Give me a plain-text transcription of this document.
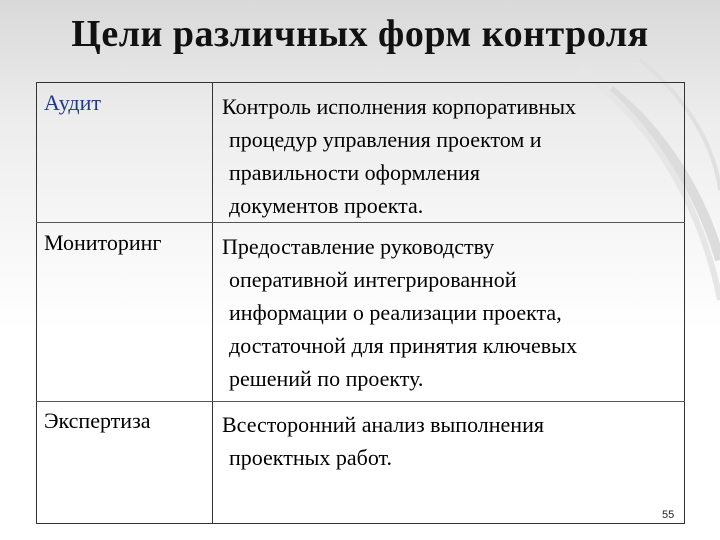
Цели различных форм контроля
Аудит	Контроль исполнения корпоративных
процедур управления проектом и
правильности оформления
документов проекта.
Мониторинг	Предоставление руководству
оперативной интегрированной
информации о реализации проекта,
достаточной для принятия ключевых
решений по проекту.
Экспертиза	Всесторонний анализ выполнения
проектных работ.
55
